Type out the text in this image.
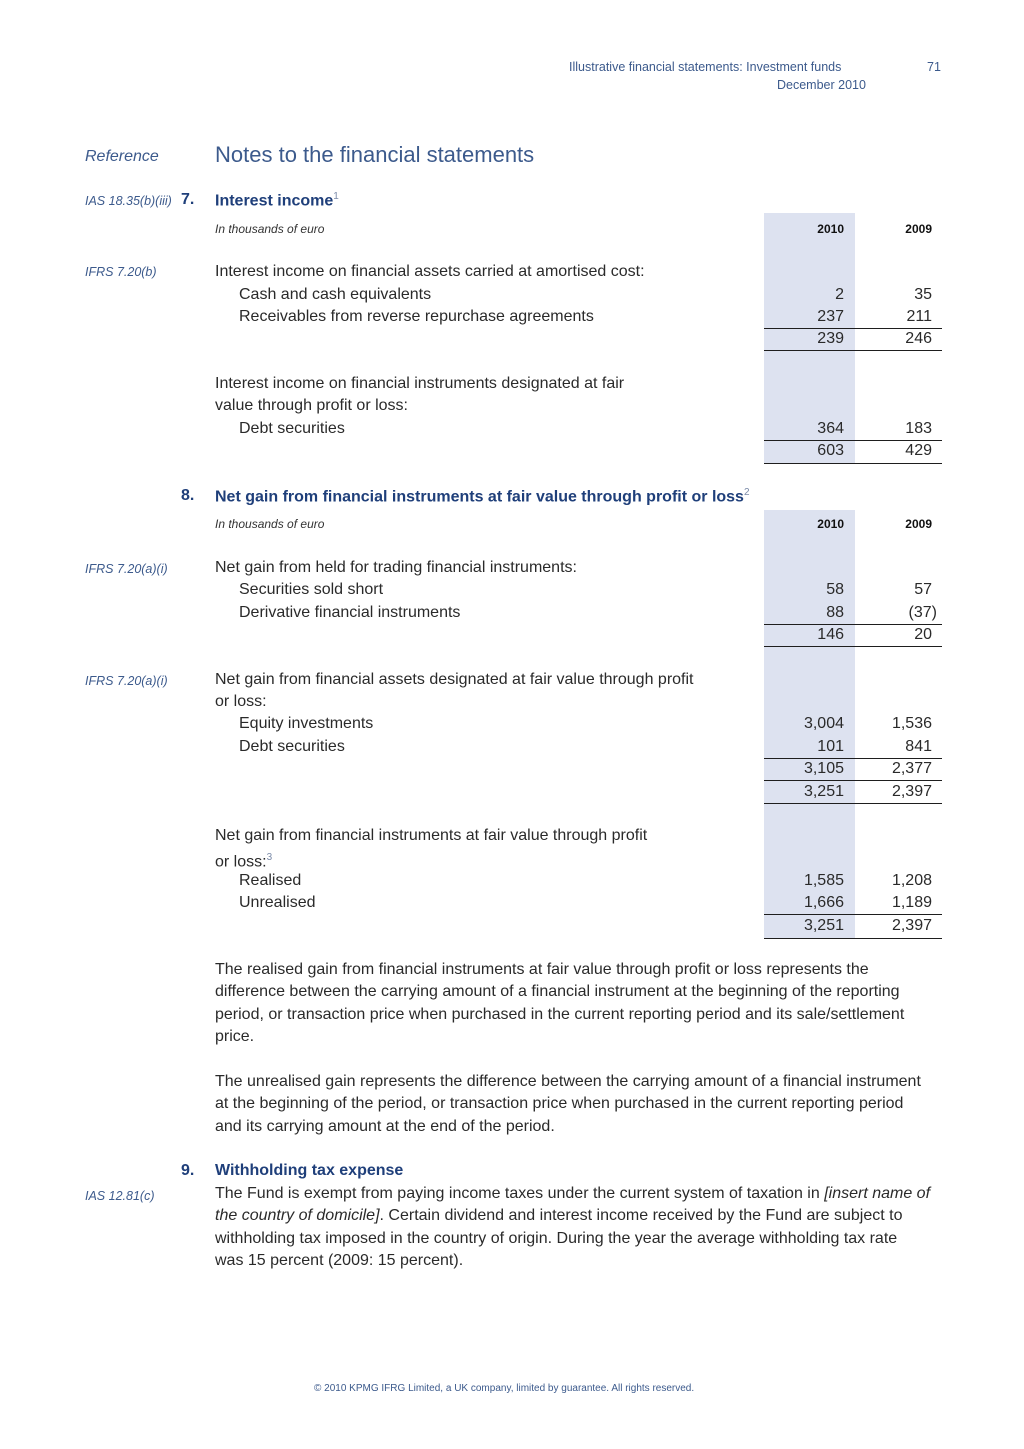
Illustrative financial statements: Investment funds
December 2010
71
Reference	Notes to the financial statements
IAS 18.35(b)(iii) 7. Interest income$^1$
In thousands of euro	2010	2009
IFRS 7.20(b)	Interest income on financial assets carried at amortised cost:
Cash and cash equivalents	2	35
Receivables from reverse repurchase agreements	237	211
239	246
Interest income on financial instruments designated at fair
value through profit or loss:
Debt securities	364	183
603	429
8. Net gain from financial instruments at fair value through profit or loss$^2$
In thousands of euro	2010	2009
IFRS 7.20(a)(i)	Net gain from held for trading financial instruments:
Securities sold short	58	57
Derivative financial instruments	88	(37)
146	20
IFRS 7.20(a)(i)	Net gain from financial assets designated at fair value through profit
or loss:
Equity investments	3,004	1,536
Debt securities	101	841
3,105	2,377
3,251	2,397
Net gain from financial instruments at fair value through profit
or loss:$^3$
Realised	1,585	1,208
Unrealised	1,666	1,189
3,251	2,397
The realised gain from financial instruments at fair value through profit or loss represents the difference between the carrying amount of a financial instrument at the beginning of the reporting period, or transaction price when purchased in the current reporting period and its sale/settlement price.
The unrealised gain represents the difference between the carrying amount of a financial instrument at the beginning of the period, or transaction price when purchased in the current reporting period and its carrying amount at the end of the period.
9. Withholding tax expense
IAS 12.81(c)	The Fund is exempt from paying income taxes under the current system of taxation in [insert name of the country of domicile]. Certain dividend and interest income received by the Fund are subject to withholding tax imposed in the country of origin. During the year the average withholding tax rate was 15 percent (2009: 15 percent).
© 2010 KPMG IFRG Limited, a UK company, limited by guarantee. All rights reserved.
